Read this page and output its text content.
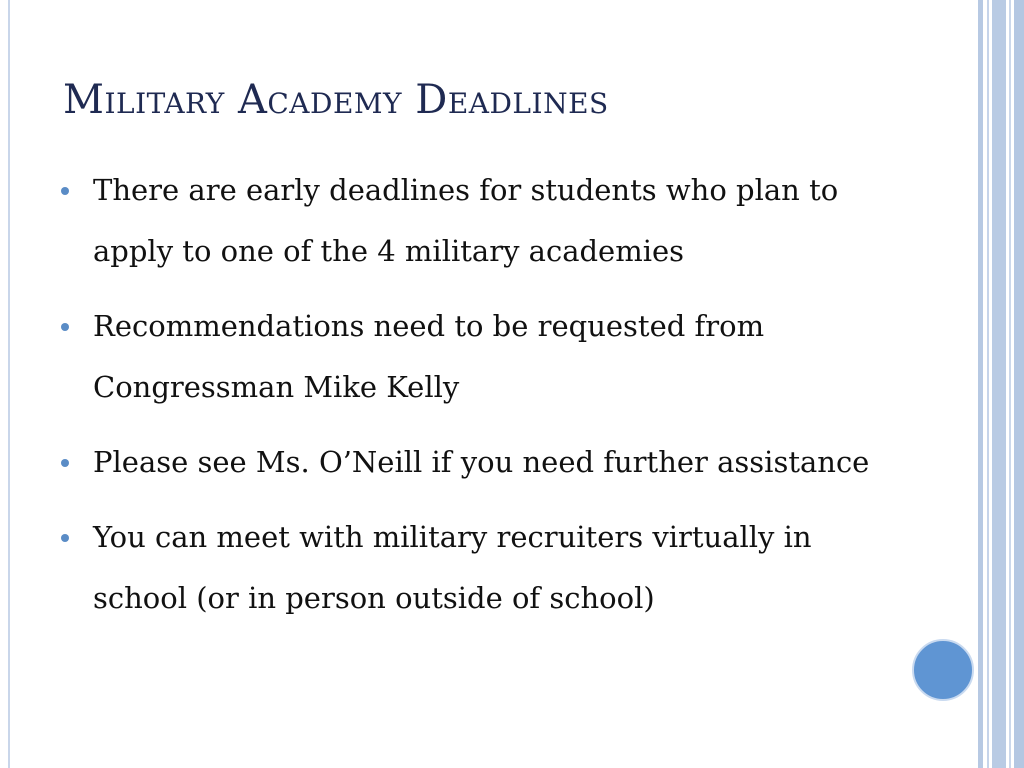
Military Academy Deadlines
There are early deadlines for students who plan to apply to one of the 4 military academies
Recommendations need to be requested from Congressman Mike Kelly
Please see Ms. O’Neill if you need further assistance
You can meet with military recruiters virtually in school (or in person outside of school)
